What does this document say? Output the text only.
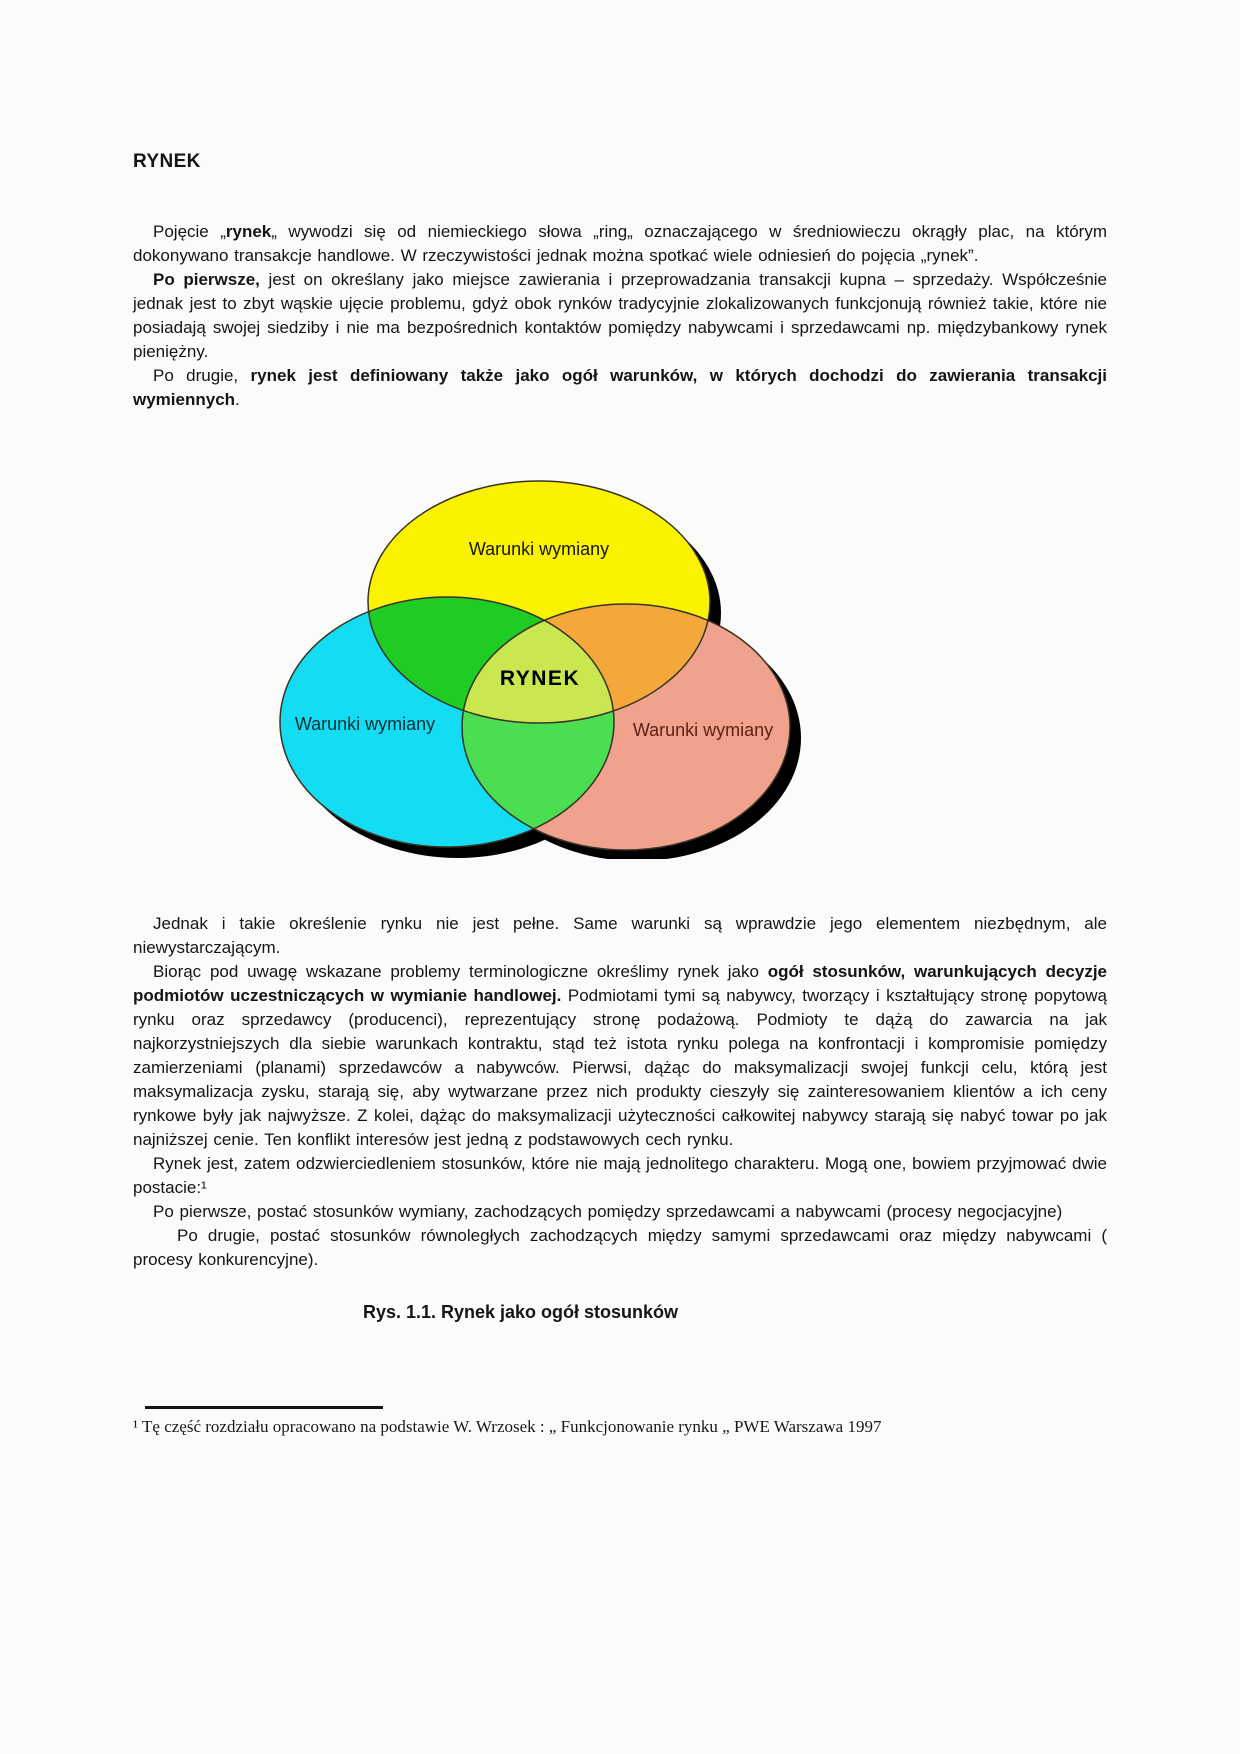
RYNEK

Pojęcie „rynek„ wywodzi się od niemieckiego słowa „ring„ oznaczającego w średniowieczu okrągły plac, na którym dokonywano transakcje handlowe. W rzeczywistości jednak można spotkać wiele odniesień do pojęcia „rynek”.

Po pierwsze, jest on określany jako miejsce zawierania i przeprowadzania transakcji kupna – sprzedaży. Współcześnie jednak jest to zbyt wąskie ujęcie problemu, gdyż obok rynków tradycyjnie zlokalizowanych funkcjonują również takie, które nie posiadają swojej siedziby i nie ma bezpośrednich kontaktów pomiędzy nabywcami i sprzedawcami np. międzybankowy rynek pieniężny.

Po drugie, rynek jest definiowany także jako ogół warunków, w których dochodzi do zawierania transakcji wymiennych.

Warunki wymiany
Warunki wymiany	Warunki wymiany
RYNEK

Jednak i takie określenie rynku nie jest pełne. Same warunki są wprawdzie jego elementem niezbędnym, ale niewystarczającym.

Biorąc pod uwagę wskazane problemy terminologiczne określimy rynek jako ogół stosunków, warunkujących decyzje podmiotów uczestniczących w wymianie handlowej. Podmiotami tymi są nabywcy, tworzący i kształtujący stronę popytową rynku oraz sprzedawcy (producenci), reprezentujący stronę podażową. Podmioty te dążą do zawarcia na jak najkorzystniejszych dla siebie warunkach kontraktu, stąd też istota rynku polega na konfrontacji i kompromisie pomiędzy zamierzeniami (planami) sprzedawców a nabywców. Pierwsi, dążąc do maksymalizacji swojej funkcji celu, którą jest maksymalizacja zysku, starają się, aby wytwarzane przez nich produkty cieszyły się zainteresowaniem klientów a ich ceny rynkowe były jak najwyższe. Z kolei, dążąc do maksymalizacji użyteczności całkowitej nabywcy starają się nabyć towar po jak najniższej cenie. Ten konflikt interesów jest jedną z podstawowych cech rynku.

Rynek jest, zatem odzwierciedleniem stosunków, które nie mają jednolitego charakteru. Mogą one, bowiem przyjmować dwie postacie:¹

Po pierwsze, postać stosunków wymiany, zachodzących pomiędzy sprzedawcami a nabywcami (procesy negocjacyjne)

Po drugie, postać stosunków równoległych zachodzących między samymi sprzedawcami oraz między nabywcami ( procesy konkurencyjne).

Rys. 1.1. Rynek jako ogół stosunków
¹ Tę część rozdziału opracowano na podstawie W. Wrzosek : „ Funkcjonowanie rynku „ PWE Warszawa 1997
